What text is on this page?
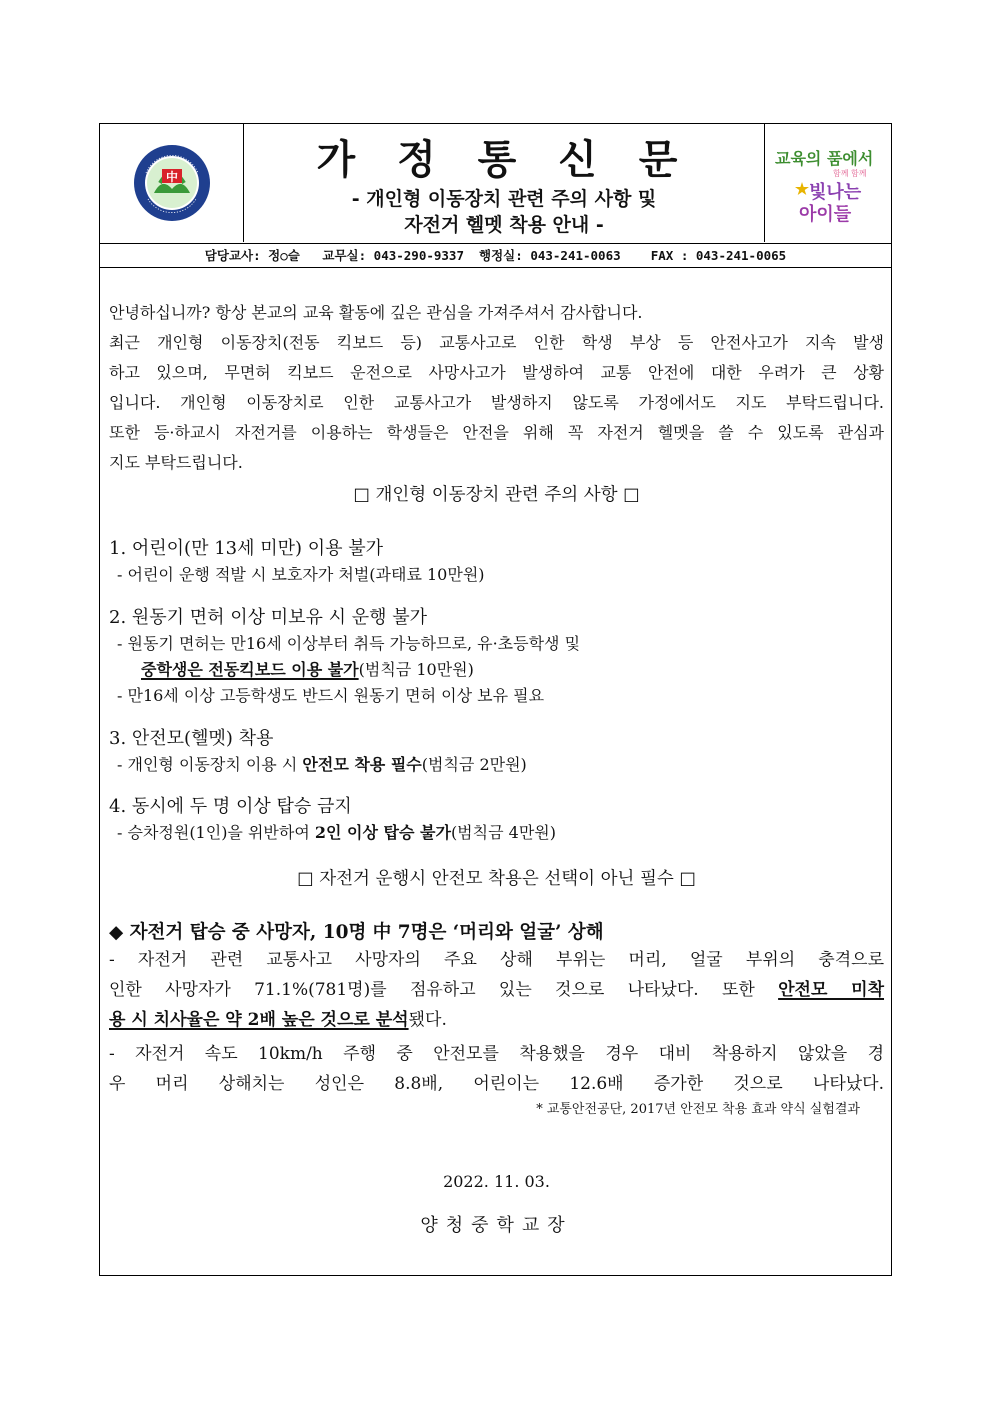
中	가 정 통 신 문
- 개인형 이동장치 관련 주의 사항 및
자전거 헬멧 착용 안내 -
교육의 품에서
함께 함께
빛나는
아이들
담당교사: 정○슬   교무실: 043-290-9337  행정실: 043-241-0063    FAX : 043-241-0065
안녕하십니까? 항상 본교의 교육 활동에 깊은 관심을 가져주셔서 감사합니다.
최근 개인형 이동장치(전동 킥보드 등) 교통사고로 인한 학생 부상 등 안전사고가 지속 발생
하고 있으며, 무면허 킥보드 운전으로 사망사고가 발생하여 교통 안전에 대한 우려가 큰 상황
입니다. 개인형 이동장치로 인한 교통사고가 발생하지 않도록 가정에서도 지도 부탁드립니다.
또한 등·하교시 자전거를 이용하는 학생들은 안전을 위해 꼭 자전거 헬멧을 쓸 수 있도록 관심과
지도 부탁드립니다.
□ 개인형 이동장치 관련 주의 사항 □
1. 어린이(만 13세 미만) 이용 불가
- 어린이 운행 적발 시 보호자가 처벌(과태료 10만원)
2. 원동기 면허 이상 미보유 시 운행 불가
- 원동기 면허는 만16세 이상부터 취득 가능하므로, 유·초등학생 및
중학생은 전동킥보드 이용 불가(범칙금 10만원)
- 만16세 이상 고등학생도 반드시 원동기 면허 이상 보유 필요
3. 안전모(헬멧) 착용
- 개인형 이동장치 이용 시 안전모 착용 필수(범칙금 2만원)
4. 동시에 두 명 이상 탑승 금지
- 승차정원(1인)을 위반하여 2인 이상 탑승 불가(범칙금 4만원)
□ 자전거 운행시 안전모 착용은 선택이 아닌 필수 □
◆ 자전거 탑승 중 사망자, 10명 中 7명은 ‘머리와 얼굴’ 상해
- 자전거 관련 교통사고 사망자의 주요 상해 부위는 머리, 얼굴 부위의 충격으로
인한 사망자가 71.1%(781명)를 점유하고 있는 것으로 나타났다. 또한 안전모 미착
용 시 치사율은 약 2배 높은 것으로 분석됐다.
- 자전거 속도 10km/h 주행 중 안전모를 착용했을 경우 대비 착용하지 않았을 경
우 머리 상해치는 성인은 8.8배, 어린이는 12.6배 증가한 것으로 나타났다.
* 교통안전공단, 2017년 안전모 착용 효과 약식 실험결과
2022. 11. 03.
양청중학교장
